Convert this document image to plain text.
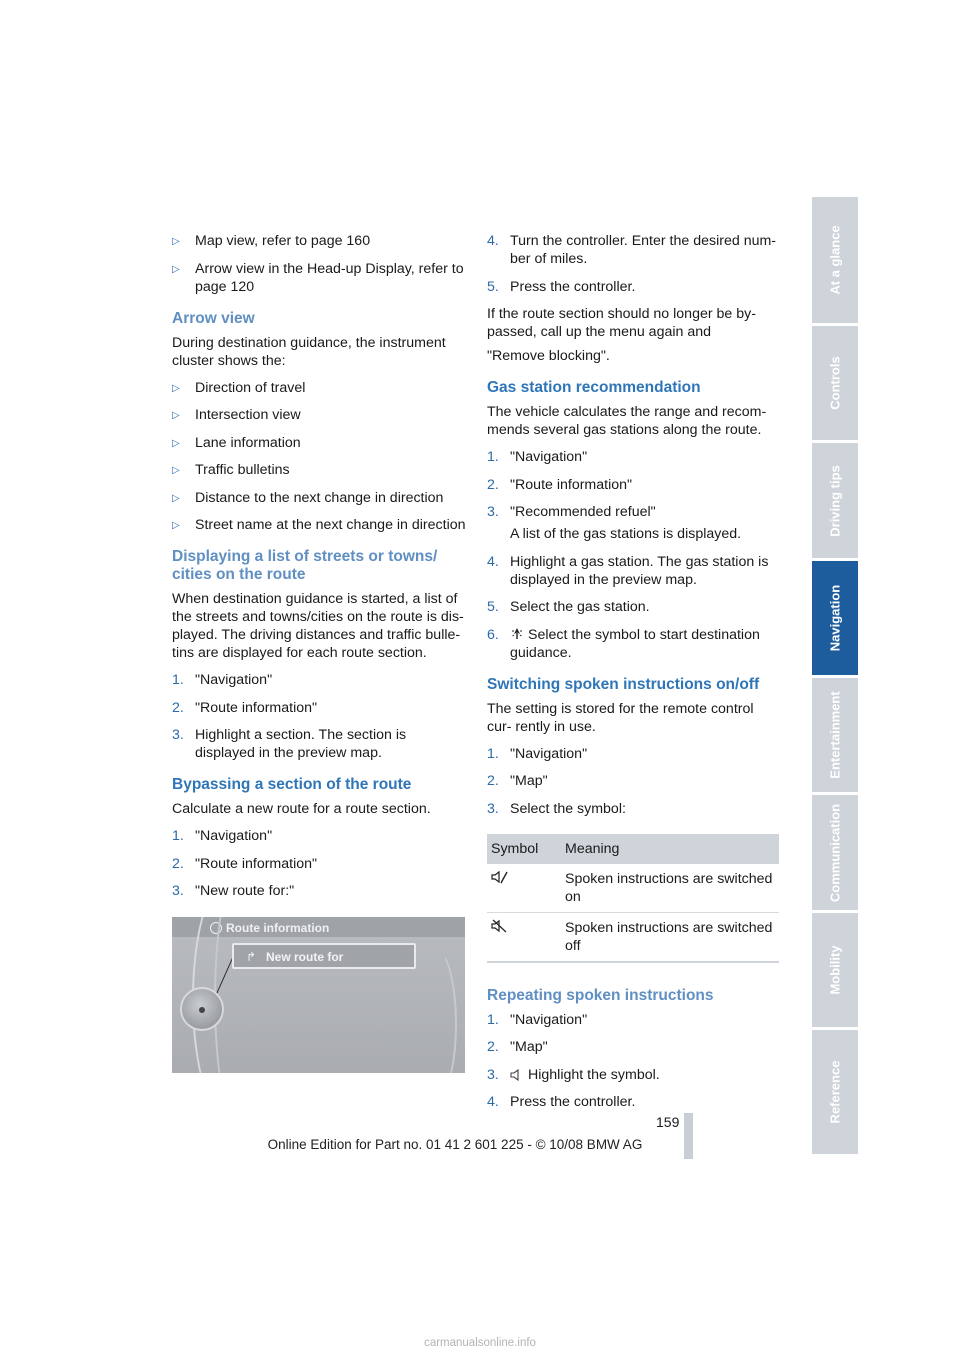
▷ Map view, refer to page 160
▷ Arrow view in the Head-up Display, refer to page 120
Arrow view

During destination guidance, the instrument cluster shows the:

▷ Direction of travel
▷ Intersection view
▷ Lane information
▷ Traffic bulletins
▷ Distance to the next change in direction
▷ Street name at the next change in direction
Displaying a list of streets or towns/ cities on the route

When destination guidance is started, a list of the streets and towns/cities on the route is dis- played. The driving distances and traffic bulle- tins are displayed for each route section.

1. "Navigation"
2. "Route information"
3. Highlight a section. The section is displayed in the preview map.
Bypassing a section of the route

Calculate a new route for a route section.

1. "Navigation"
2. "Route information"
3. "New route for:"
Route information
↱ New route for
4. Turn the controller. Enter the desired num- ber of miles.
5. Press the controller.

If the route section should no longer be by- passed, call up the menu again and

"Remove blocking".

Gas station recommendation

The vehicle calculates the range and recom- mends several gas stations along the route.

1. "Navigation"
2. "Route information"
3. "Recommended refuel"
A list of the gas stations is displayed.
4. Highlight a gas station. The gas station is displayed in the preview map.
5. Select the gas station.
6. Select the symbol to start destination guidance.
Switching spoken instructions on/off

The setting is stored for the remote control cur- rently in use.

1. "Navigation"
2. "Map"
3. Select the symbol:
Symbol	Meaning
	Spoken instructions are switched on
	Spoken instructions are switched off
Repeating spoken instructions
1. "Navigation"
2. "Map"
3. Highlight the symbol.
4. Press the controller.
159
Online Edition for Part no. 01 41 2 601 225 - © 10/08 BMW AG
At a glance
Controls
Driving tips
Navigation
Entertainment
Communication
Mobility
Reference
carmanualsonline.info
